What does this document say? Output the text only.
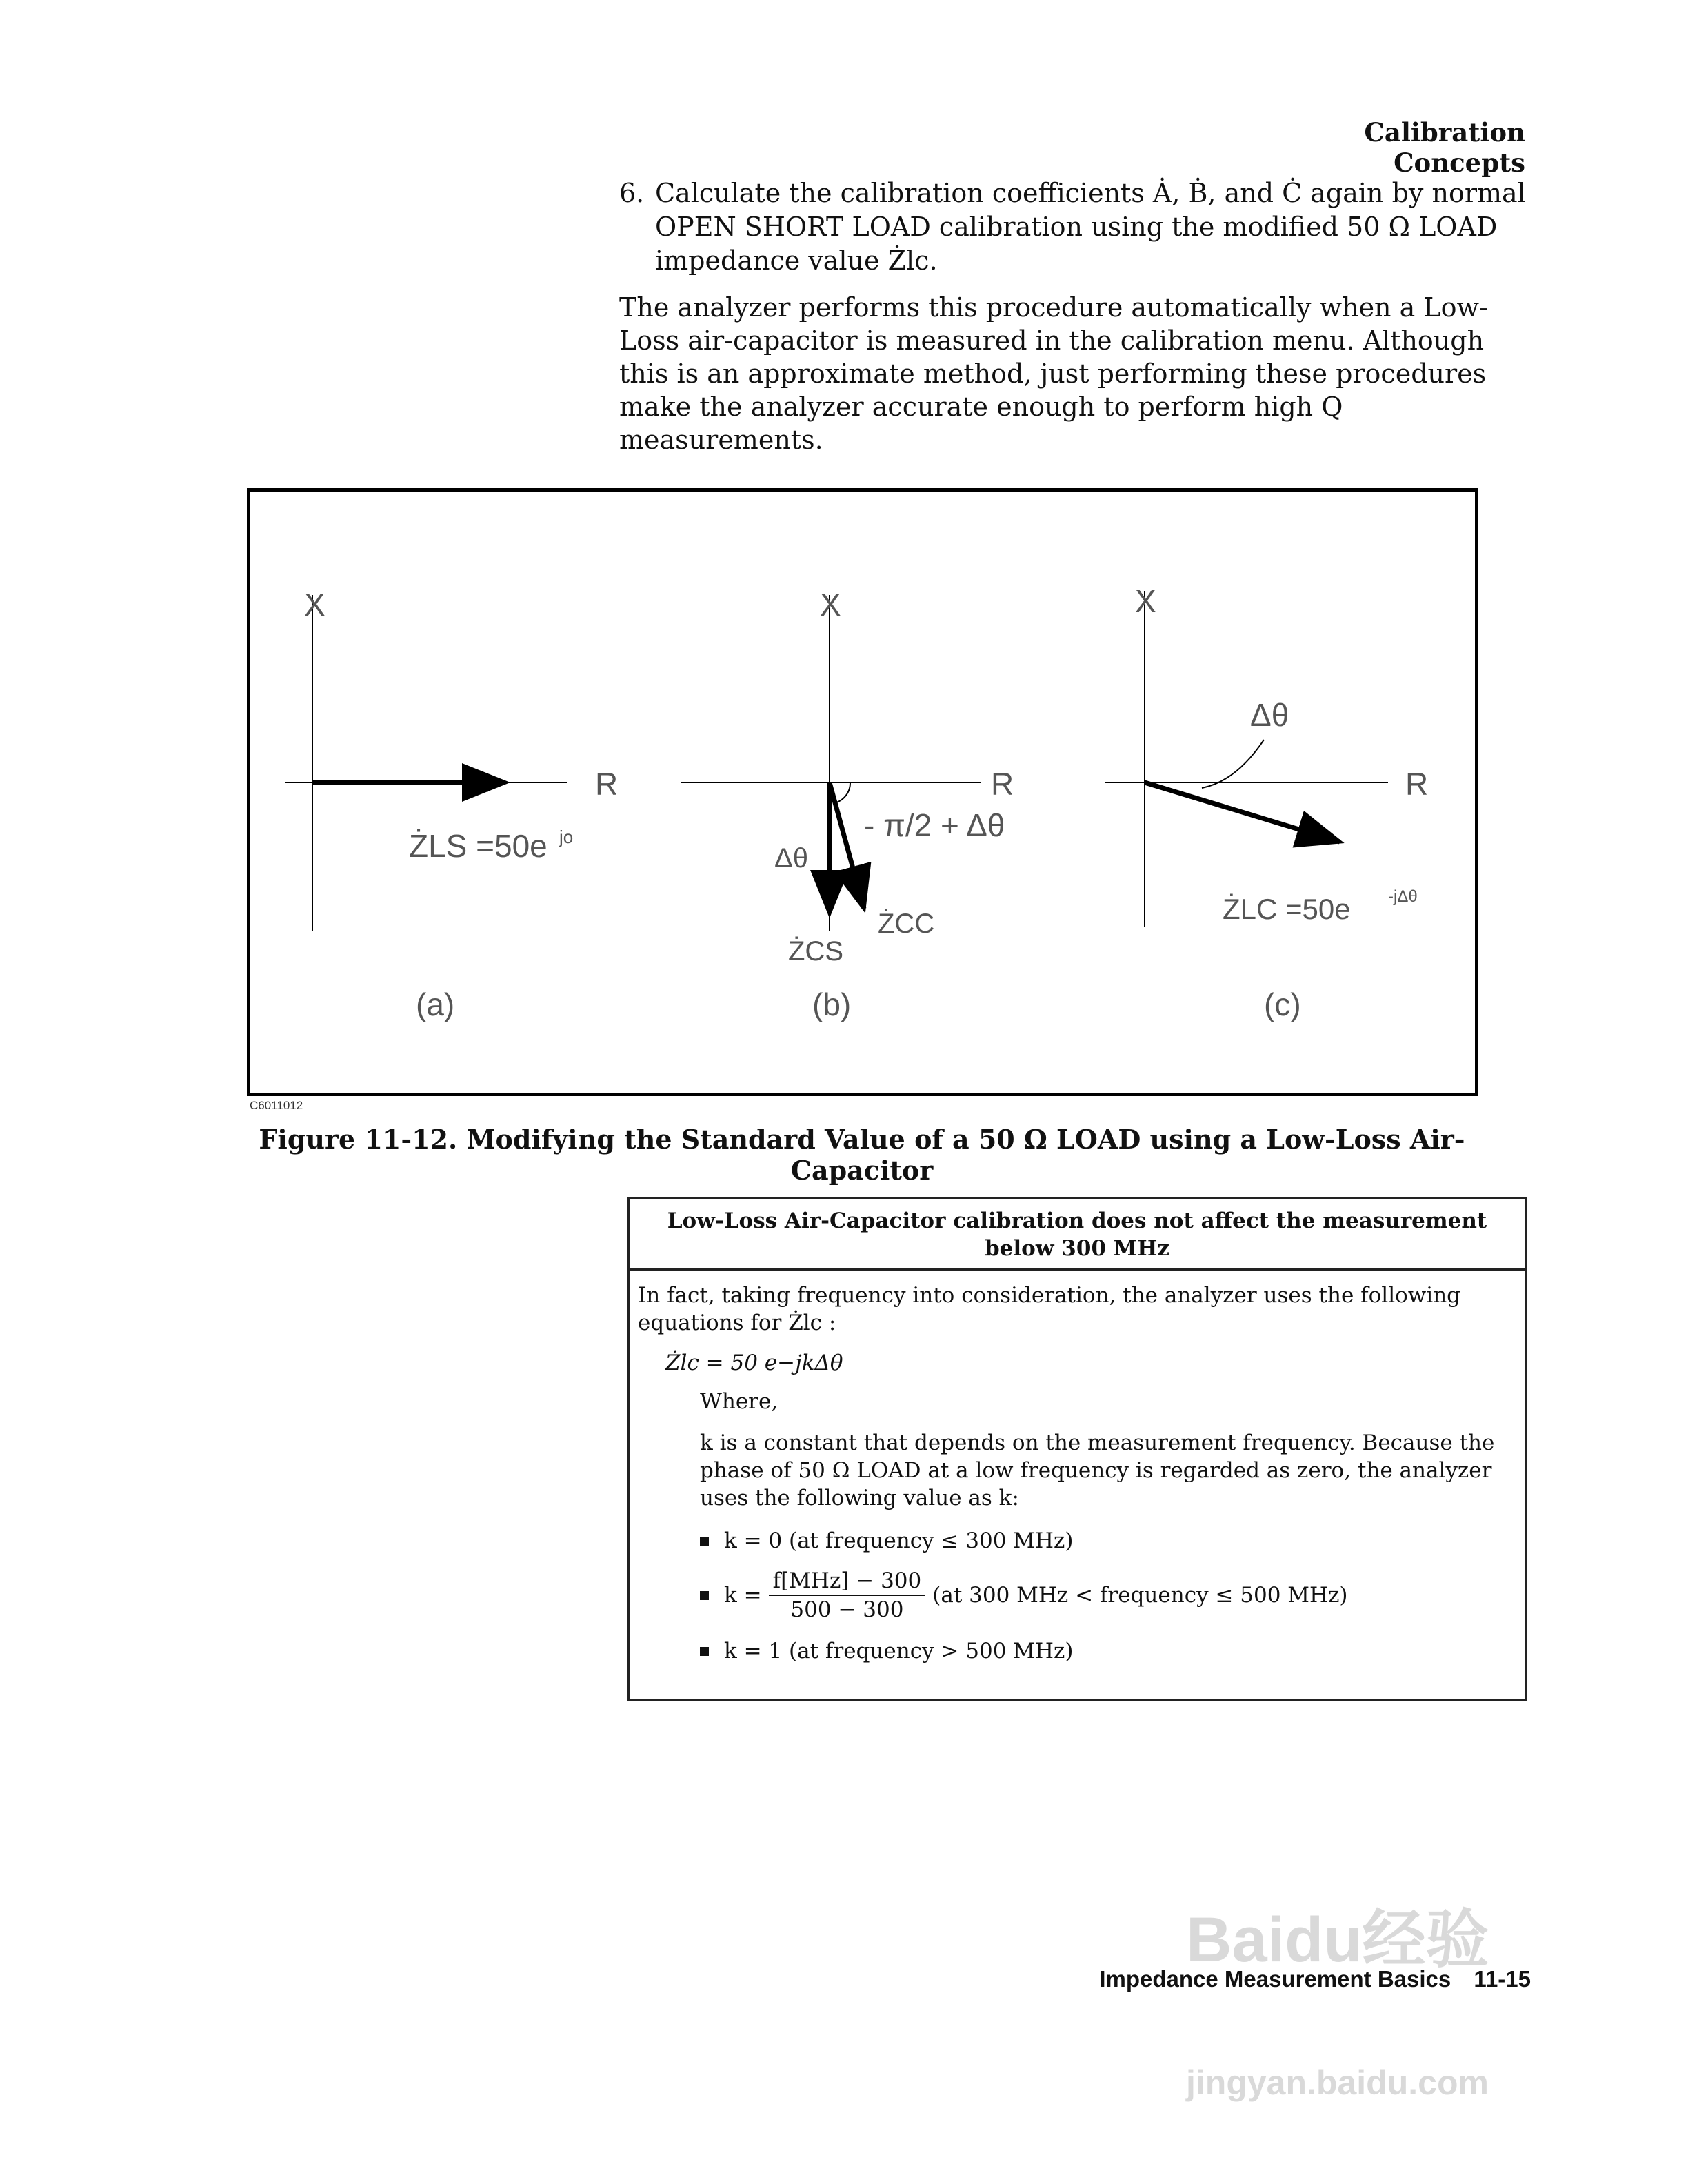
Calibration Concepts
6. Calculate the calibration coefficients Ȧ, Ḃ, and Ċ again by normal OPEN SHORT LOAD calibration using the modified 50 Ω LOAD impedance value Żlc.
The analyzer performs this procedure automatically when a Low-Loss air-capacitor is measured in the calibration menu. Although this is an approximate method, just performing these procedures make the analyzer accurate enough to perform high Q measurements.
X
R
ŻLS =50e jo
(a)
X
R
Δθ
- π/2 + Δθ
ŻCS
ŻCC
(b)
X
R
Δθ
ŻLC =50e -jΔθ
(c)
C6011012
Figure 11-12. Modifying the Standard Value of a 50 Ω LOAD using a Low-Loss Air-Capacitor
Low-Loss Air-Capacitor calibration does not affect the measurement below 300 MHz
In fact, taking frequency into consideration, the analyzer uses the following equations for Żlc :
Żlc = 50 e−jkΔθ
Where,
k is a constant that depends on the measurement frequency. Because the phase of 50 Ω LOAD at a low frequency is regarded as zero, the analyzer uses the following value as k:
k = 0 (at frequency ≤ 300 MHz)
$k = \frac{\text{f[MHz] − 300}}{500 - 300} (at$ 300 MHz < frequency ≤ 500 MHz)
k = 1 (at frequency > 500 MHz)
Baidu经验
jingyan.baidu.com
Impedance Measurement Basics 11-15
